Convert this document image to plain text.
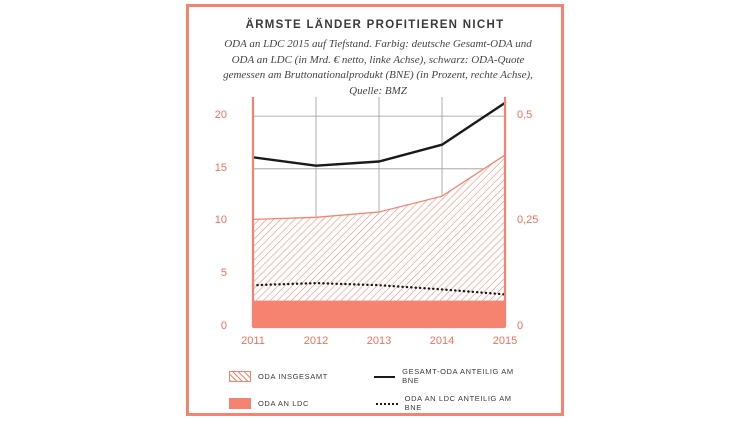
ÄRMSTE LÄNDER PROFITIEREN NICHT
ODA an LDC 2015 auf Tiefstand. Farbig: deutsche Gesamt-ODA und ODA an LDC (in Mrd. € netto, linke Achse), schwarz: ODA-Quote gemessen am Bruttonationalprodukt (BNE) (in Prozent, rechte Achse), Quelle: BMZ
20
15
10
5
0
0,5
0,25
0
2011	2012	2013	2014	2015
ODA INSGESAMT	GESAMT-ODA ANTEILIG AM BNE
ODA AN LDC	ODA AN LDC ANTEILIG AM BNE
